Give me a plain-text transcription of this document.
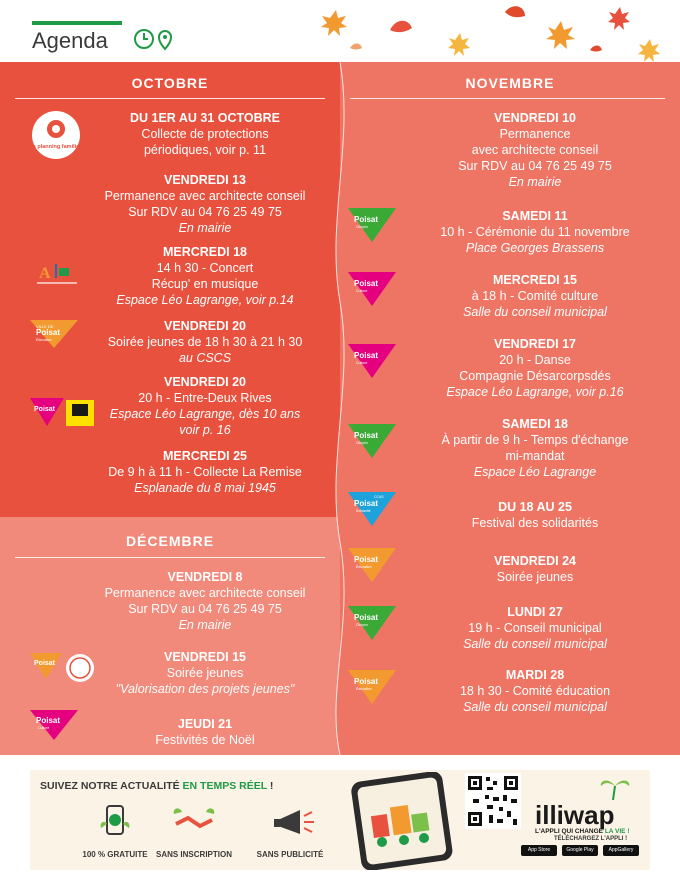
Agenda
OCTOBRE
le planning familial
DU 1ER AU 31 OCTOBRE
Collecte de protections
périodiques, voir p. 11
VENDREDI 13
Permanence avec architecte conseil
Sur RDV au 04 76 25 49 75
En mairie
A
MERCREDI 18
14 h 30 - Concert
Récup' en musique
Espace Léo Lagrange, voir p.14
VILLE DE
Poisat
Éducation
VENDREDI 20
Soirée jeunes de 18 h 30 à 21 h 30
au CSCS
Poisat
VENDREDI 20
20 h - Entre-Deux Rives
Espace Léo Lagrange, dès 10 ans
voir p. 16
MERCREDI 25
De 9 h à 11 h - Collecte La Remise
Esplanade du 8 mai 1945
DÉCEMBRE
VENDREDI 8
Permanence avec architecte conseil
Sur RDV au 04 76 25 49 75
En mairie
Poisat	VENDREDI 15
Soirée jeunes
"Valorisation des projets jeunes"
Poisat
Culture	JEUDI 21
Festivités de Noël
NOVEMBRE
VENDREDI 10
Permanence
avec architecte conseil
Sur RDV au 04 76 25 49 75
En mairie
Poisat
Citoyen
SAMEDI 11
10 h - Cérémonie du 11 novembre
Place Georges Brassens
Poisat
Culture
MERCREDI 15
à 18 h - Comité culture
Salle du conseil municipal
Poisat
Culture
VENDREDI 17
20 h - Danse
Compagnie Désarcorpsdés
Espace Léo Lagrange, voir p.16
Poisat
Citoyen
SAMEDI 18
À partir de 9 h - Temps d'échange
mi-mandat
Espace Léo Lagrange
CCAS
Poisat
Solidarité	DU 18 AU 25
Festival des solidarités
Poisat
Éducation	VENDREDI 24
Soirée jeunes
Poisat
Citoyen
LUNDI 27
19 h - Conseil municipal
Salle du conseil municipal
Poisat
Éducation
MARDI 28
18 h 30 - Comité éducation
Salle du conseil municipal
SUIVEZ NOTRE ACTUALITÉ EN TEMPS RÉEL !
100 % GRATUITE	SANS INSCRIPTION	SANS PUBLICITÉ
illiwap
L'APPLI QUI CHANGE LA VIE !
TÉLÉCHARGEZ L'APPLI !
App Store	Google Play	AppGallery
